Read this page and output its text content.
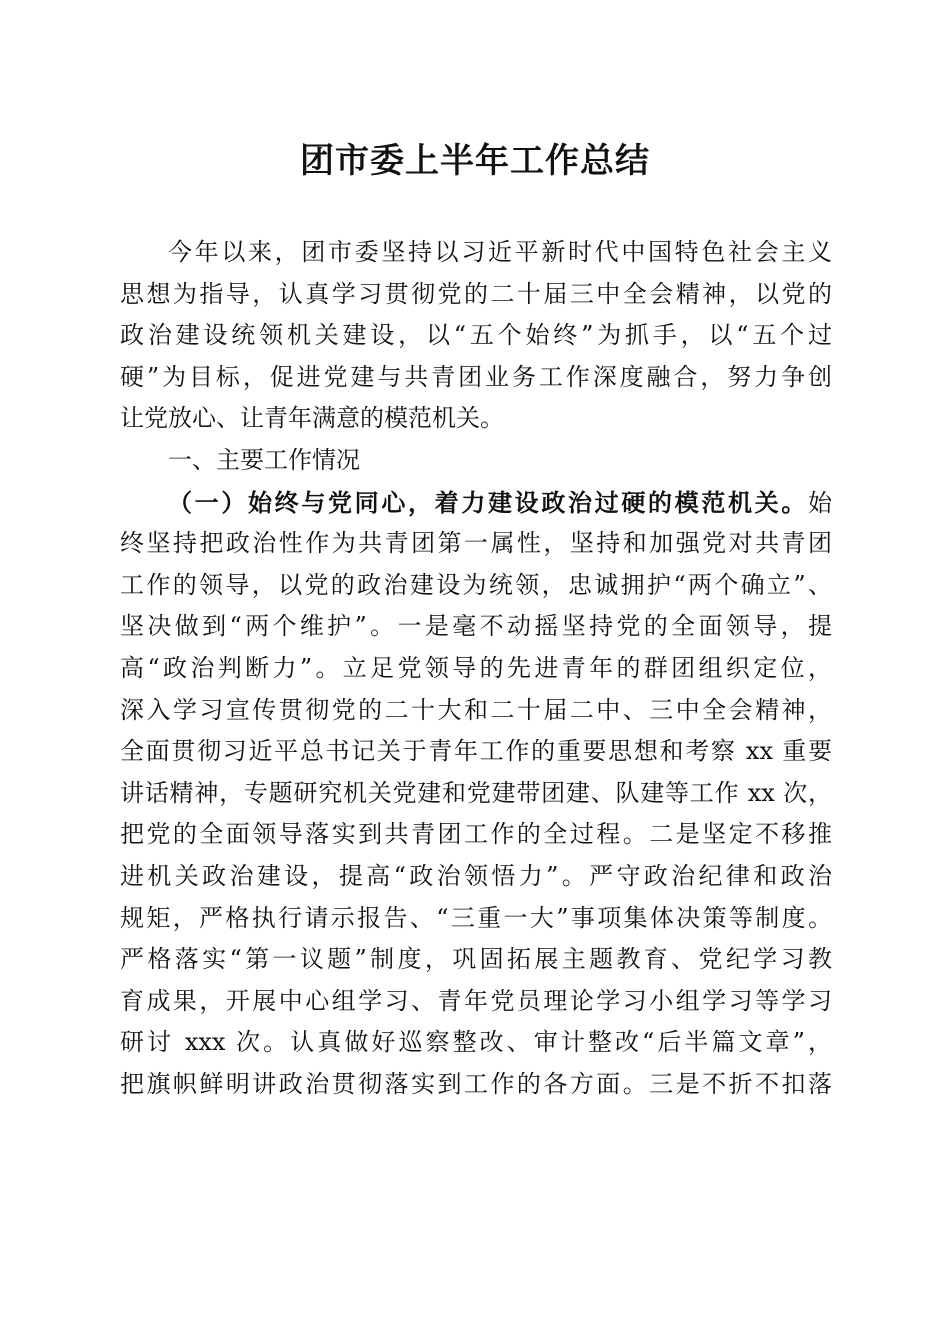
团市委上半年工作总结
今年以来，团市委坚持以习近平新时代中国特色社会主义
思想为指导，认真学习贯彻党的二十届三中全会精神，以党的
政治建设统领机关建设，以“五个始终”为抓手，以“五个过
硬”为目标，促进党建与共青团业务工作深度融合，努力争创
让党放心、让青年满意的模范机关。
一、主要工作情况
（一）始终与党同心，着力建设政治过硬的模范机关。始
终坚持把政治性作为共青团第一属性，坚持和加强党对共青团
工作的领导，以党的政治建设为统领，忠诚拥护“两个确立”、
坚决做到“两个维护”。一是毫不动摇坚持党的全面领导，提
高“政治判断力”。立足党领导的先进青年的群团组织定位，
深入学习宣传贯彻党的二十大和二十届二中、三中全会精神，
全面贯彻习近平总书记关于青年工作的重要思想和考察 xx 重要
讲话精神，专题研究机关党建和党建带团建、队建等工作 xx 次，
把党的全面领导落实到共青团工作的全过程。二是坚定不移推
进机关政治建设，提高“政治领悟力”。严守政治纪律和政治
规矩，严格执行请示报告、“三重一大”事项集体决策等制度。
严格落实“第一议题”制度，巩固拓展主题教育、党纪学习教
育成果，开展中心组学习、青年党员理论学习小组学习等学习
研讨 xxx 次。认真做好巡察整改、审计整改“后半篇文章”，
把旗帜鲜明讲政治贯彻落实到工作的各方面。三是不折不扣落
